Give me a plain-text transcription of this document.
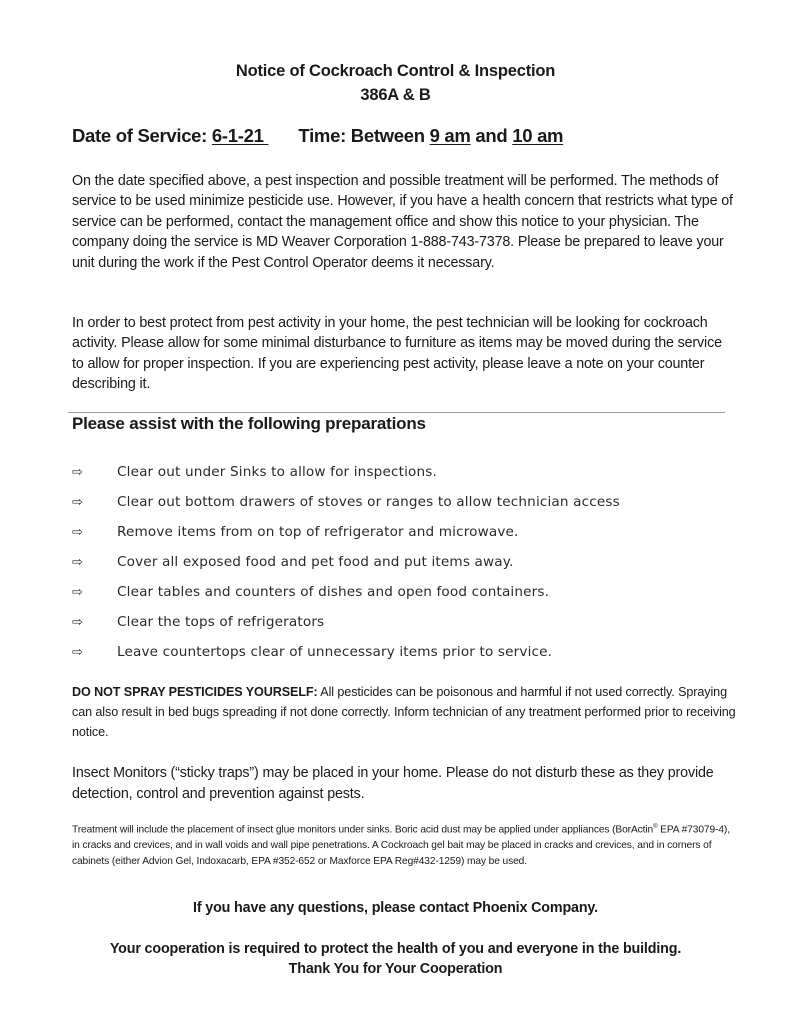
Notice of Cockroach Control & Inspection
386A & B
Date of Service: 6-1-21 Time: Between 9 am and 10 am
On the date specified above, a pest inspection and possible treatment will be performed. The methods of service to be used minimize pesticide use. However, if you have a health concern that restricts what type of service can be performed, contact the management office and show this notice to your physician. The company doing the service is MD Weaver Corporation 1-888-743-7378. Please be prepared to leave your unit during the work if the Pest Control Operator deems it necessary.
In order to best protect from pest activity in your home, the pest technician will be looking for cockroach activity. Please allow for some minimal disturbance to furniture as items may be moved during the service to allow for proper inspection. If you are experiencing pest activity, please leave a note on your counter describing it.
Please assist with the following preparations
⇨	Clear out under Sinks to allow for inspections.
⇨	Clear out bottom drawers of stoves or ranges to allow technician access
⇨	Remove items from on top of refrigerator and microwave.
⇨	Cover all exposed food and pet food and put items away.
⇨	Clear tables and counters of dishes and open food containers.
⇨	Clear the tops of refrigerators
⇨	Leave countertops clear of unnecessary items prior to service.
DO NOT SPRAY PESTICIDES YOURSELF: All pesticides can be poisonous and harmful if not used correctly. Spraying can also result in bed bugs spreading if not done correctly. Inform technician of any treatment performed prior to receiving notice.
Insect Monitors (“sticky traps”) may be placed in your home. Please do not disturb these as they provide detection, control and prevention against pests.
Treatment will include the placement of insect glue monitors under sinks. Boric acid dust may be applied under appliances (BorActin® EPA #73079-4), in cracks and crevices, and in wall voids and wall pipe penetrations. A Cockroach gel bait may be placed in cracks and crevices, and in corners of cabinets (either Advion Gel, Indoxacarb, EPA #352-652 or Maxforce EPA Reg#432-1259) may be used.
If you have any questions, please contact Phoenix Company.
Your cooperation is required to protect the health of you and everyone in the building.
Thank You for Your Cooperation
